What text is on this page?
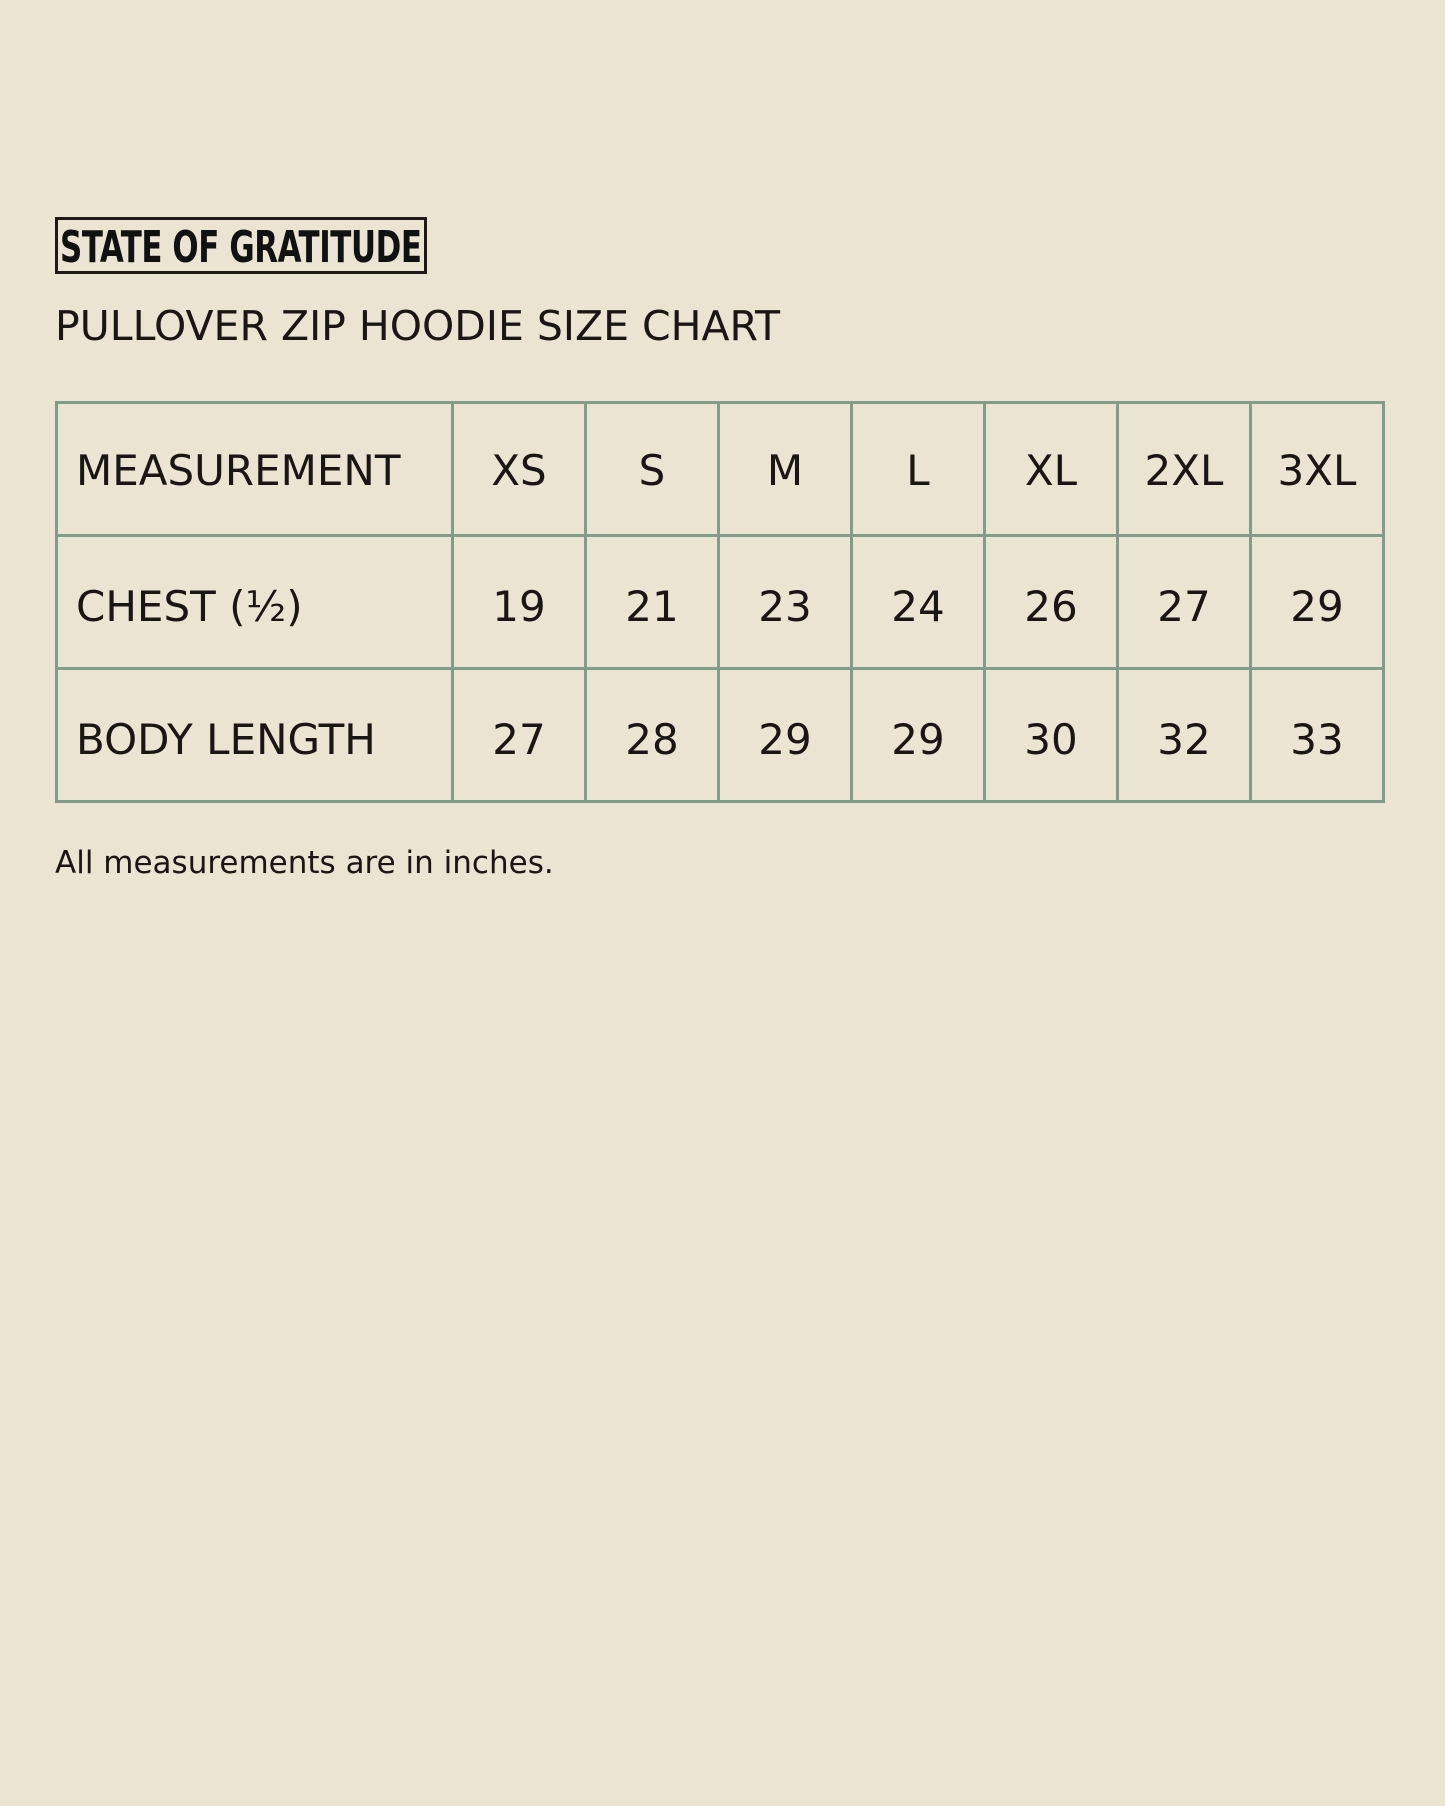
STATE OF GRATITUDE
PULLOVER ZIP HOODIE SIZE CHART
MEASUREMENT	XS	S	M	L	XL	2XL	3XL
CHEST (½)	19	21	23	24	26	27	29
BODY LENGTH	27	28	29	29	30	32	33
All measurements are in inches.
